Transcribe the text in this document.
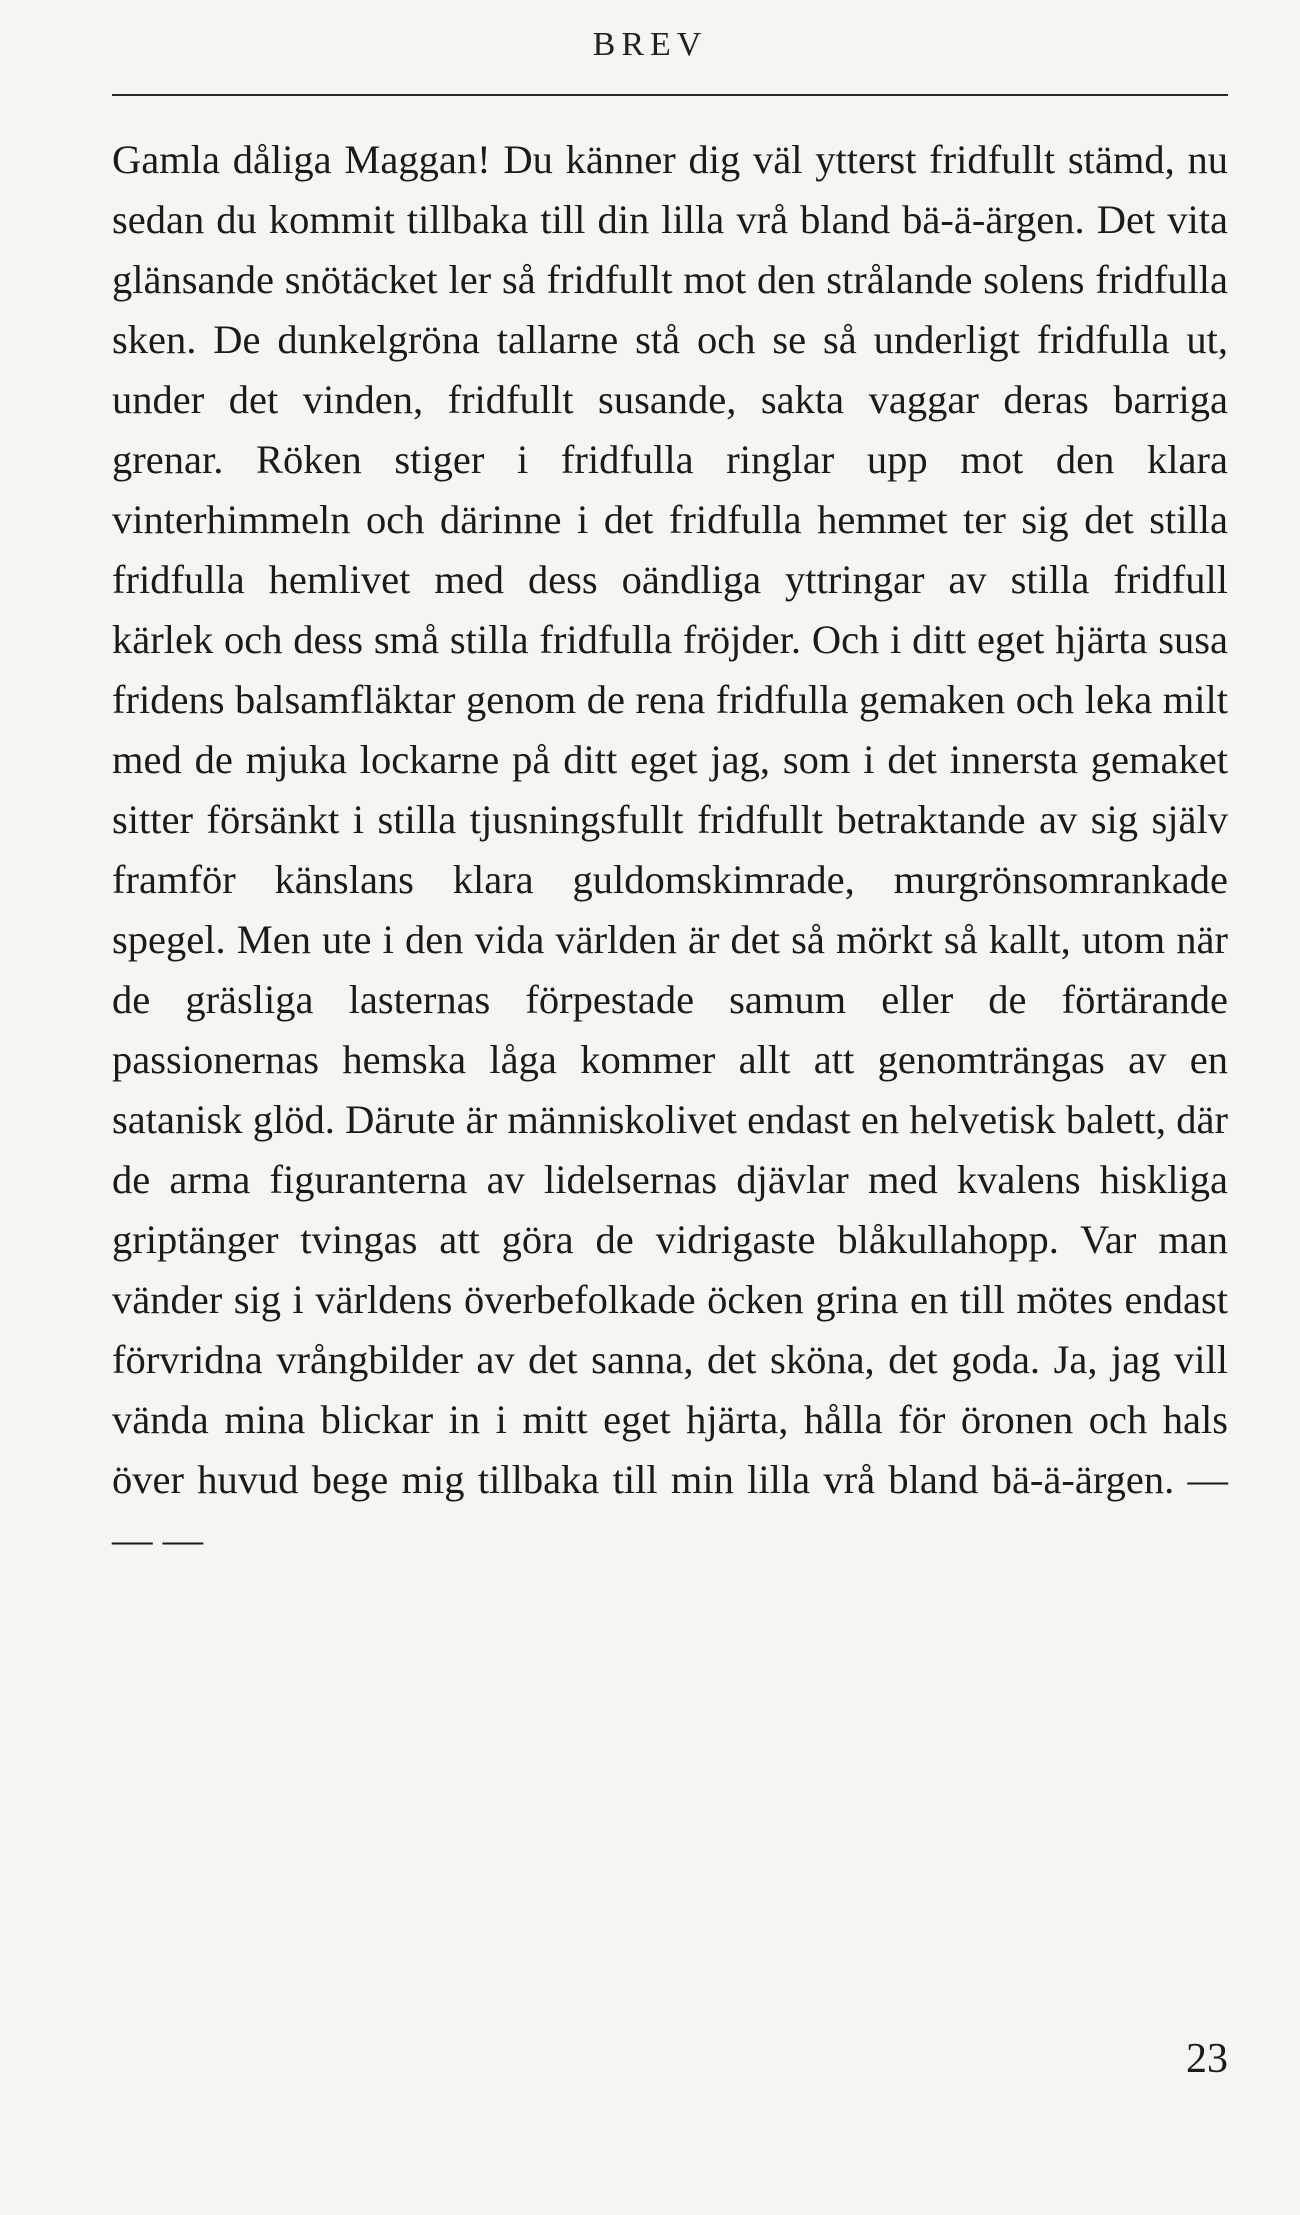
BREV

Gamla dåliga Maggan! Du känner dig väl ytterst fridfullt stämd, nu sedan du kommit tillbaka till din lilla vrå bland bä-ä-ärgen. Det vita glänsande snötäcket ler så fridfullt mot den strålande solens fridfulla sken. De dunkelgröna tallarne stå och se så underligt fridfulla ut, under det vinden, fridfullt susande, sakta vaggar deras barriga grenar. Röken stiger i fridfulla ringlar upp mot den klara vinterhimmeln och därinne i det fridfulla hemmet ter sig det stilla fridfulla hemlivet med dess oändliga yttringar av stilla fridfull kärlek och dess små stilla fridfulla fröjder. Och i ditt eget hjärta susa fridens balsamfläktar genom de rena fridfulla gemaken och leka milt med de mjuka lockarne på ditt eget jag, som i det innersta gemaket sitter försänkt i stilla tjusningsfullt fridfullt betraktande av sig själv framför känslans klara guldomskimrade, murgrönsomrankade spegel. Men ute i den vida världen är det så mörkt så kallt, utom när de gräsliga lasternas förpestade samum eller de förtärande passionernas hemska låga kommer allt att genomträngas av en satanisk glöd. Därute är människolivet endast en helvetisk balett, där de arma figuranterna av lidelsernas djävlar med kvalens hiskliga griptänger tvingas att göra de vidrigaste blåkullahopp. Var man vänder sig i världens överbefolkade öcken grina en till mötes endast förvridna vrångbilder av det sanna, det sköna, det goda. Ja, jag vill vända mina blickar in i mitt eget hjärta, hålla för öronen och hals över huvud bege mig tillbaka till min lilla vrå bland bä-ä-ärgen. — — —

23
